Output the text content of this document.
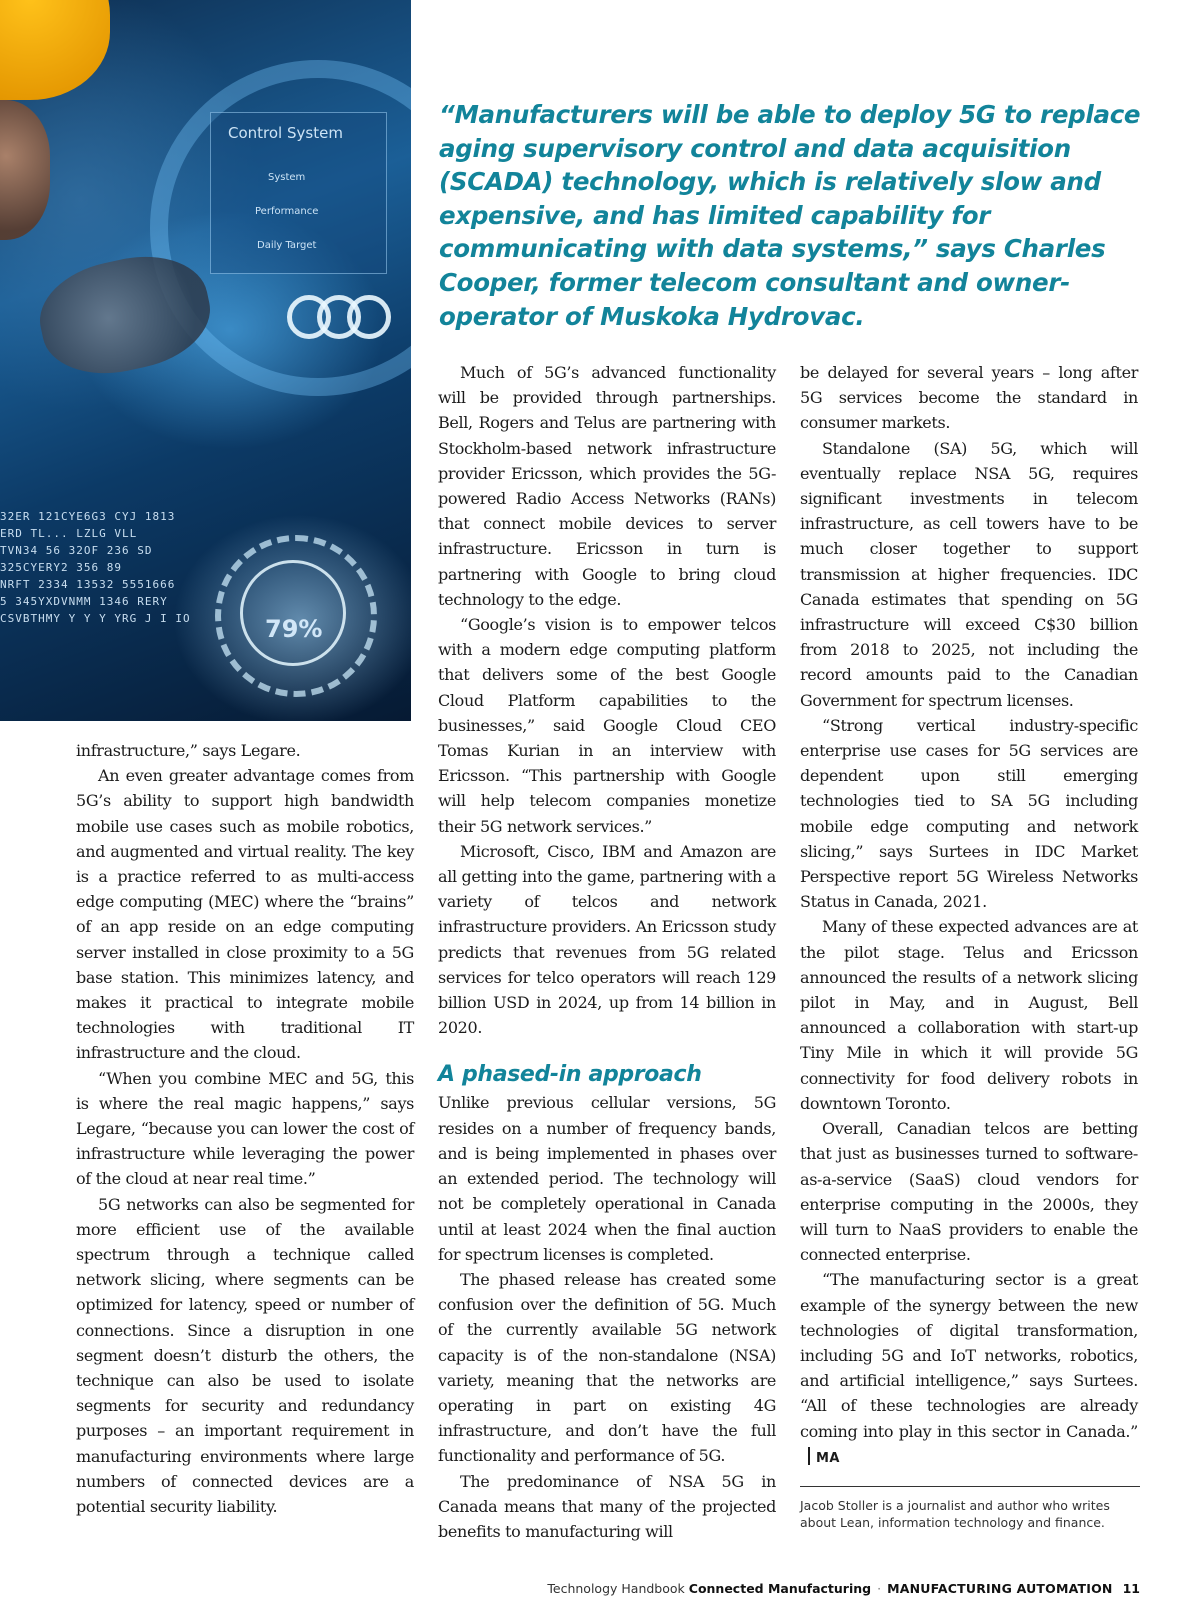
Control System
System
Performance
Daily Target
79%
32ER 121CYE6G3 CYJ 1813
ERD TL... LZLG VLL
TVN34 56 32OF 236 SD
325CYERY2 356 89
NRFT 2334 13532 5551666
5 345YXDVNMM 1346 RERY
CSVBTHMY Y Y Y YRG J I IO

“Manufacturers will be able to deploy 5G to replace aging supervisory control and data acquisition (SCADA) technology, which is relatively slow and expensive, and has limited capability for communicating with data systems,” says Charles Cooper, former telecom consultant and owner-operator of Muskoka Hydrovac.

infrastructure,” says Legare.

An even greater advantage comes from 5G’s ability to support high bandwidth mobile use cases such as mobile robotics, and augmented and virtual reality. The key is a practice referred to as multi-access edge computing (MEC) where the “brains” of an app reside on an edge computing server installed in close proximity to a 5G base station. This minimizes latency, and makes it practical to integrate mobile technologies with traditional IT infrastructure and the cloud.

“When you combine MEC and 5G, this is where the real magic happens,” says Legare, “because you can lower the cost of infrastructure while leveraging the power of the cloud at near real time.”

5G networks can also be segmented for more efficient use of the available spectrum through a technique called network slicing, where segments can be optimized for latency, speed or number of connections. Since a disruption in one segment doesn’t disturb the others, the technique can also be used to isolate segments for security and redundancy purposes – an important requirement in manufacturing environments where large numbers of connected devices are a potential security liability.

Much of 5G’s advanced functionality will be provided through partnerships. Bell, Rogers and Telus are partnering with Stockholm-based network infrastructure provider Ericsson, which provides the 5G-powered Radio Access Networks (RANs) that connect mobile devices to server infrastructure. Ericsson in turn is partnering with Google to bring cloud technology to the edge.

“Google’s vision is to empower telcos with a modern edge computing platform that delivers some of the best Google Cloud Platform capabilities to the businesses,” said Google Cloud CEO Tomas Kurian in an interview with Ericsson. “This partnership with Google will help telecom companies monetize their 5G network services.”

Microsoft, Cisco, IBM and Amazon are all getting into the game, partnering with a variety of telcos and network infrastructure providers. An Ericsson study predicts that revenues from 5G related services for telco operators will reach 129 billion USD in 2024, up from 14 billion in 2020.

A phased-in approach

Unlike previous cellular versions, 5G resides on a number of frequency bands, and is being implemented in phases over an extended period. The technology will not be completely operational in Canada until at least 2024 when the final auction for spectrum licenses is completed.

The phased release has created some confusion over the definition of 5G. Much of the currently available 5G network capacity is of the non-standalone (NSA) variety, meaning that the networks are operating in part on existing 4G infrastructure, and don’t have the full functionality and performance of 5G.

The predominance of NSA 5G in Canada means that many of the projected benefits to manufacturing will

be delayed for several years – long after 5G services become the standard in consumer markets.

Standalone (SA) 5G, which will eventually replace NSA 5G, requires significant investments in telecom infrastructure, as cell towers have to be much closer together to support transmission at higher frequencies. IDC Canada estimates that spending on 5G infrastructure will exceed C$30 billion from 2018 to 2025, not including the record amounts paid to the Canadian Government for spectrum licenses.

“Strong vertical industry-specific enterprise use cases for 5G services are dependent upon still emerging technologies tied to SA 5G including mobile edge computing and network slicing,” says Surtees in IDC Market Perspective report 5G Wireless Networks Status in Canada, 2021.

Many of these expected advances are at the pilot stage. Telus and Ericsson announced the results of a network slicing pilot in May, and in August, Bell announced a collaboration with start-up Tiny Mile in which it will provide 5G connectivity for food delivery robots in downtown Toronto.

Overall, Canadian telcos are betting that just as businesses turned to software-as-a-service (SaaS) cloud vendors for enterprise computing in the 2000s, they will turn to NaaS providers to enable the connected enterprise.

“The manufacturing sector is a great example of the synergy between the new technologies of digital transformation, including 5G and IoT networks, robotics, and artificial intelligence,” says Surtees. “All of these technologies are already coming into play in this sector in Canada.”MA

Jacob Stoller is a journalist and author who writes about Lean, information technology and finance.

Technology Handbook Connected Manufacturing · MANUFACTURING AUTOMATION 11
